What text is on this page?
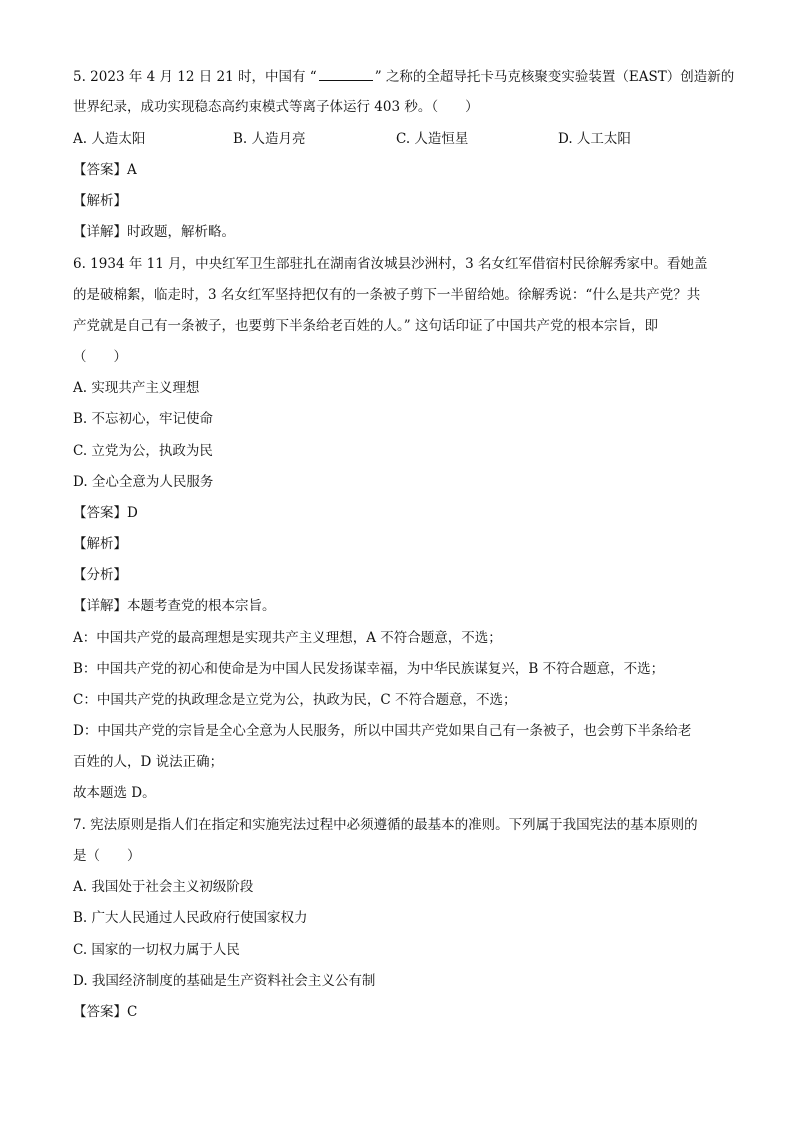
5. 2023 年 4 月 12 日 21 时，中国有 “	” 之称的全超导托卡马克核聚变实验装置（EAST）创造新的
世界纪录，成功实现稳态高约束模式等离子体运行 403 秒。（　　）
A. 人造太阳	B. 人造月亮	C. 人造恒星	D. 人工太阳
【答案】A
【解析】
【详解】时政题，解析略。
6. 1934 年 11 月，中央红军卫生部驻扎在湖南省汝城县沙洲村，3 名女红军借宿村民徐解秀家中。看她盖
的是破棉絮，临走时，3 名女红军坚持把仅有的一条被子剪下一半留给她。徐解秀说：“什么是共产党？共
产党就是自己有一条被子，也要剪下半条给老百姓的人。” 这句话印证了中国共产党的根本宗旨，即
（　　）
A. 实现共产主义理想
B. 不忘初心，牢记使命
C. 立党为公，执政为民
D. 全心全意为人民服务
【答案】D
【解析】
【分析】
【详解】本题考查党的根本宗旨。
A：中国共产党的最高理想是实现共产主义理想，A 不符合题意，不选；
B：中国共产党的初心和使命是为中国人民发扬谋幸福，为中华民族谋复兴，B 不符合题意，不选；
C：中国共产党的执政理念是立党为公，执政为民，C 不符合题意，不选；
D：中国共产党的宗旨是全心全意为人民服务，所以中国共产党如果自己有一条被子，也会剪下半条给老
百姓的人，D 说法正确；
故本题选 D。
7. 宪法原则是指人们在指定和实施宪法过程中必须遵循的最基本的准则。下列属于我国宪法的基本原则的
是（　　）
A. 我国处于社会主义初级阶段
B. 广大人民通过人民政府行使国家权力
C. 国家的一切权力属于人民
D. 我国经济制度的基础是生产资料社会主义公有制
【答案】C
